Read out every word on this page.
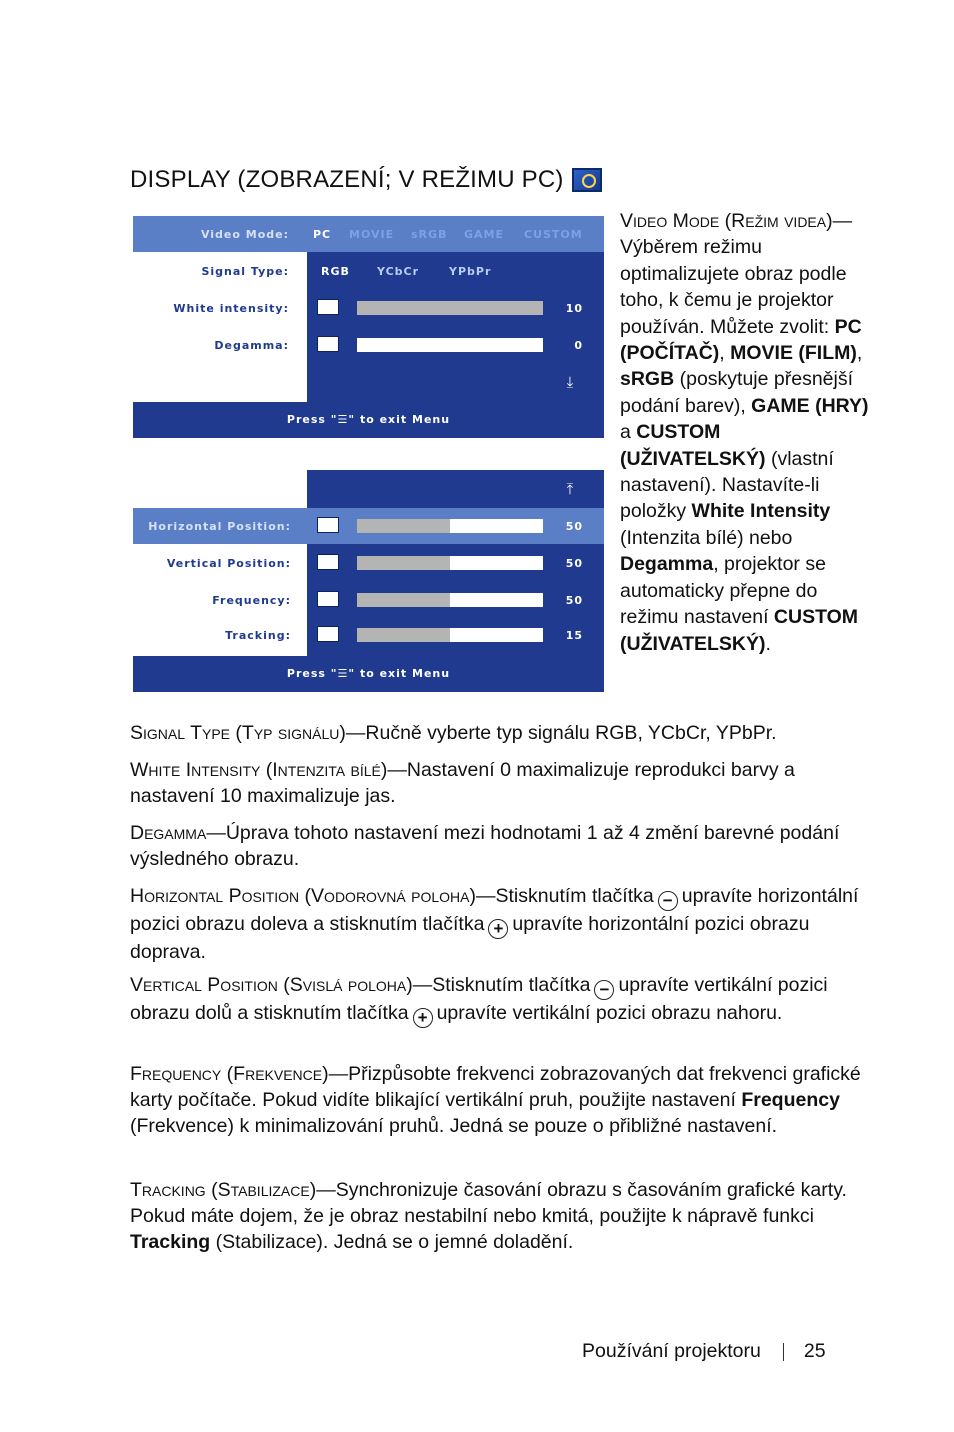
DISPLAY (ZOBRAZENÍ; V REŽIMU PC)
Video Mode: PC MOVIE sRGB GAME CUSTOM
Signal Type:	RGB YCbCr	YPbPr
White intensity:	10
Degamma:	0
⤓
Press "☰" to exit Menu
⤒
Horizontal Position:	50
Vertical Position:	50
Frequency:	50
Tracking:	15
Press "☰" to exit Menu
Video Mode (Režim videa)—Výběrem režimu optimalizujete obraz podle toho, k čemu je projektor používán. Můžete zvolit: PC (POČÍTAČ), MOVIE (FILM), sRGB (poskytuje přesnější podání barev), GAME (HRY) a CUSTOM (UŽIVATELSKÝ) (vlastní nastavení). Nastavíte-li položky White Intensity (Intenzita bílé) nebo Degamma, projektor se automaticky přepne do režimu nastavení CUSTOM (UŽIVATELSKÝ).
Signal Type (Typ signálu)—Ručně vyberte typ signálu RGB, YCbCr, YPbPr.
White Intensity (Intenzita bílé)—Nastavení 0 maximalizuje reprodukci barvy a nastavení 10 maximalizuje jas.
Degamma—Úprava tohoto nastavení mezi hodnotami 1 až 4 změní barevné podání výsledného obrazu.
Horizontal Position (Vodorovná poloha)—Stisknutím tlačítka − upravíte horizontální pozici obrazu doleva a stisknutím tlačítka + upravíte horizontální pozici obrazu doprava.
Vertical Position (Svislá poloha)—Stisknutím tlačítka − upravíte vertikální pozici obrazu dolů a stisknutím tlačítka + upravíte vertikální pozici obrazu nahoru.
Frequency (Frekvence)—Přizpůsobte frekvenci zobrazovaných dat frekvenci grafické karty počítače. Pokud vidíte blikající vertikální pruh, použijte nastavení Frequency (Frekvence) k minimalizování pruhů. Jedná se pouze o přibližné nastavení.
Tracking (Stabilizace)—Synchronizuje časování obrazu s časováním grafické karty. Pokud máte dojem, že je obraz nestabilní nebo kmitá, použijte k nápravě funkci Tracking (Stabilizace). Jedná se o jemné doladění.
Používání projektoru 25
